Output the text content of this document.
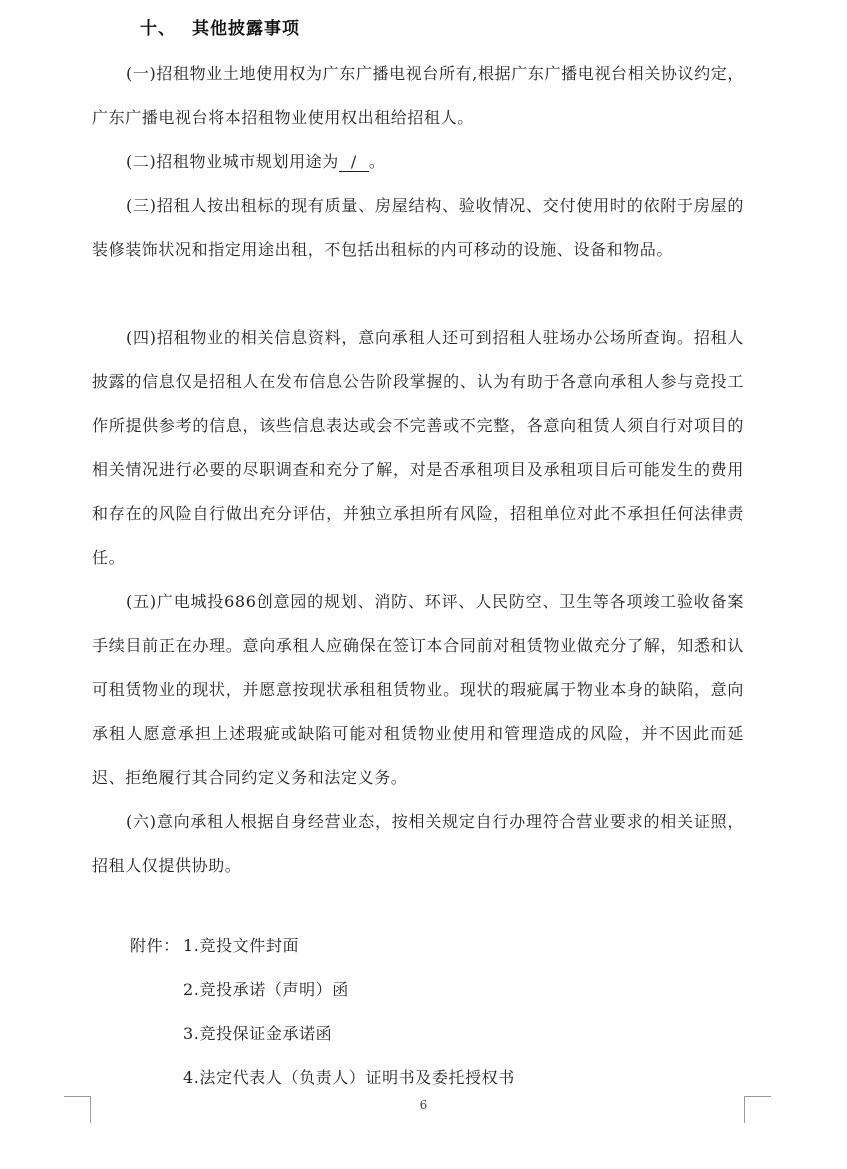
十、 其他披露事项

(一)招租物业土地使用权为广东广播电视台所有,根据广东广播电视台相关协议约定，广东广播电视台将本招租物业使用权出租给招租人。

(二)招租物业城市规划用途为 / 。

(三)招租人按出租标的现有质量、房屋结构、验收情况、交付使用时的依附于房屋的装修装饰状况和指定用途出租，不包括出租标的内可移动的设施、设备和物品。

(四)招租物业的相关信息资料，意向承租人还可到招租人驻场办公场所查询。招租人披露的信息仅是招租人在发布信息公告阶段掌握的、认为有助于各意向承租人参与竞投工作所提供参考的信息，该些信息表达或会不完善或不完整，各意向租赁人须自行对项目的相关情况进行必要的尽职调查和充分了解，对是否承租项目及承租项目后可能发生的费用和存在的风险自行做出充分评估，并独立承担所有风险，招租单位对此不承担任何法律责任。

(五)广电城投686创意园的规划、消防、环评、人民防空、卫生等各项竣工验收备案手续目前正在办理。意向承租人应确保在签订本合同前对租赁物业做充分了解，知悉和认可租赁物业的现状，并愿意按现状承租租赁物业。现状的瑕疵属于物业本身的缺陷，意向承租人愿意承担上述瑕疵或缺陷可能对租赁物业使用和管理造成的风险，并不因此而延迟、拒绝履行其合同约定义务和法定义务。

(六)意向承租人根据自身经营业态，按相关规定自行办理符合营业要求的相关证照，招租人仅提供协助。

附件： 1.竞投文件封面

2.竞投承诺（声明）函

3.竞投保证金承诺函

4.法定代表人（负责人）证明书及委托授权书

6
